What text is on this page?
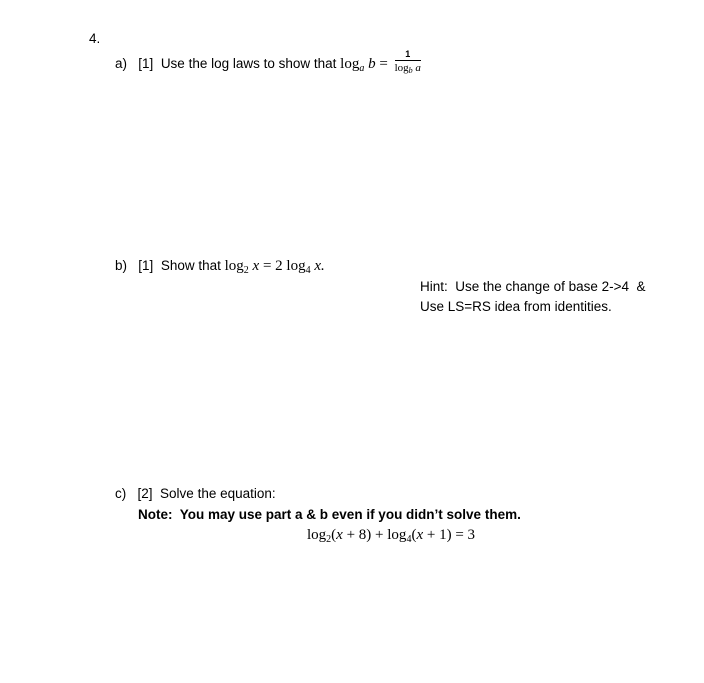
4.
a) [1] Use the log laws to show that $\log_a b = \frac{1}{\log_b a}$
b) [1] Show that $\log_2 x = 2$ $\log_4 x$.
Hint:  Use the change of base 2->4  &
Use LS=RS idea from identities.
c) [2] Solve the equation:
Note:  You may use part a & b even if you didn’t solve them.
$\log_2(x + 8) + \log_4(x + 1) = 3$
